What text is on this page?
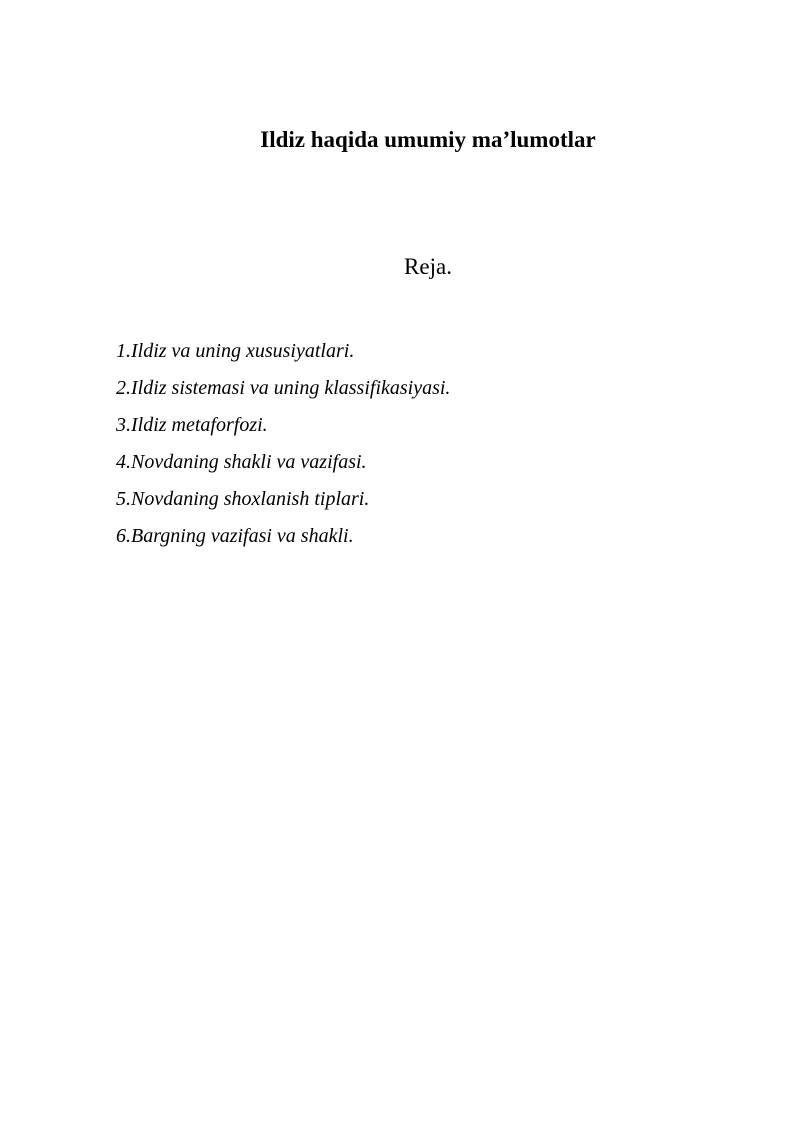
Ildiz haqida umumiy ma’lumotlar
Reja.
1.Ildiz va uning xususiyatlari.
2.Ildiz sistemasi va uning klassifikasiyasi.
3.Ildiz metaforfozi.
4.Novdaning shakli va vazifasi.
5.Novdaning shoxlanish tiplari.
6.Bargning vazifasi va shakli.
